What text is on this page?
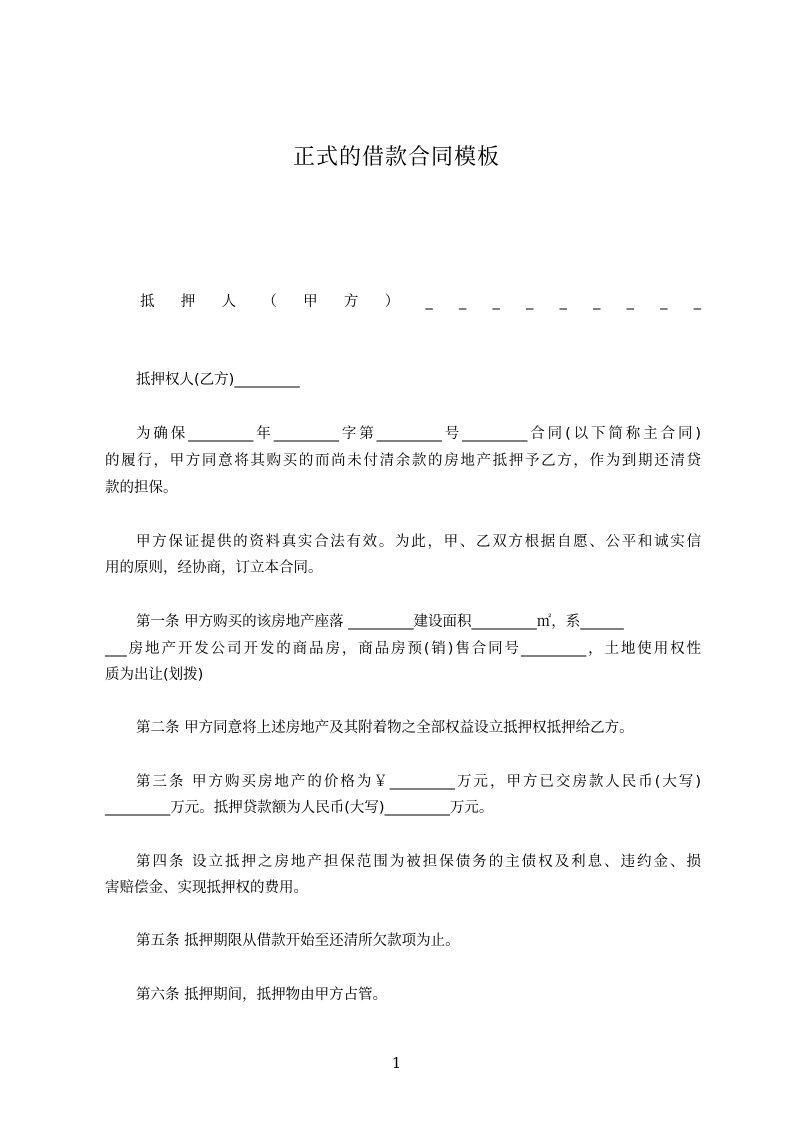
正式的借款合同模板
抵 押 人 （ 甲 方 ） _ _ _ _ _ _ _ _ _
抵押权人(乙方)_________
为确保_________年_________字第_________号_________合同(以下简称主合同)
的履行，甲方同意将其购买的而尚未付清余款的房地产抵押予乙方，作为到期还清贷
款的担保。
甲方保证提供的资料真实合法有效。为此，甲、乙双方根据自愿、公平和诚实信
用的原则，经协商，订立本合同。
第一条 甲方购买的该房地产座落 _________建设面积_________㎡，系______
___房地产开发公司开发的商品房，商品房预(销)售合同号_________，土地使用权性
质为出让(划拨)
第二条 甲方同意将上述房地产及其附着物之全部权益设立抵押权抵押给乙方。
第三条 甲方购买房地产的价格为￥_________万元，甲方已交房款人民币(大写)
_________万元。抵押贷款额为人民币(大写)_________万元。
第四条 设立抵押之房地产担保范围为被担保债务的主债权及利息、违约金、损
害赔偿金、实现抵押权的费用。
第五条 抵押期限从借款开始至还清所欠款项为止。
第六条 抵押期间，抵押物由甲方占管。
1
